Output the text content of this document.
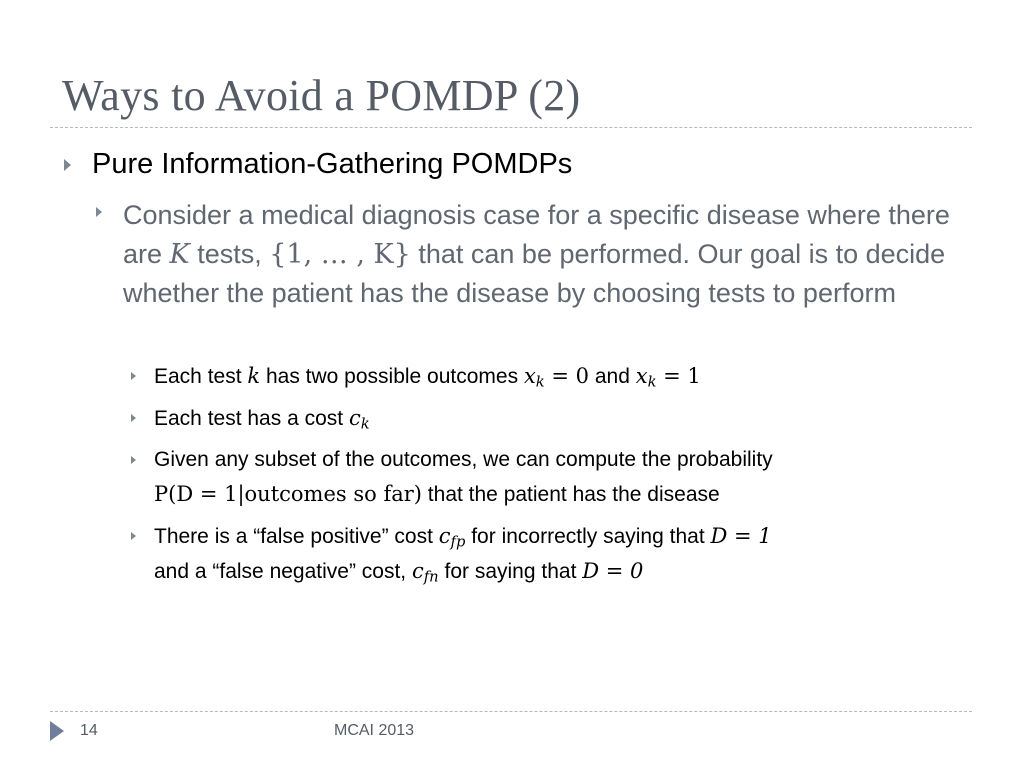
Ways to Avoid a POMDP (2)
Pure Information-Gathering POMDPs
Consider a medical diagnosis case for a specific disease where there are K tests, {1, … , K} that can be performed. Our goal is to decide whether the patient has the disease by choosing tests to perform
Each test k has two possible outcomes $x_k = 0$ and $x_k = 1$
Each test has a cost $c_k$
Given any subset of the outcomes, we can compute the probability
P(D = 1|outcomes so far) that the patient has the disease
There is a “false positive” cost $c_{fp}$ for incorrectly saying that D = 1
and a “false negative” cost, $c_{fn}$ for saying that D = 0
14	MCAI 2013
